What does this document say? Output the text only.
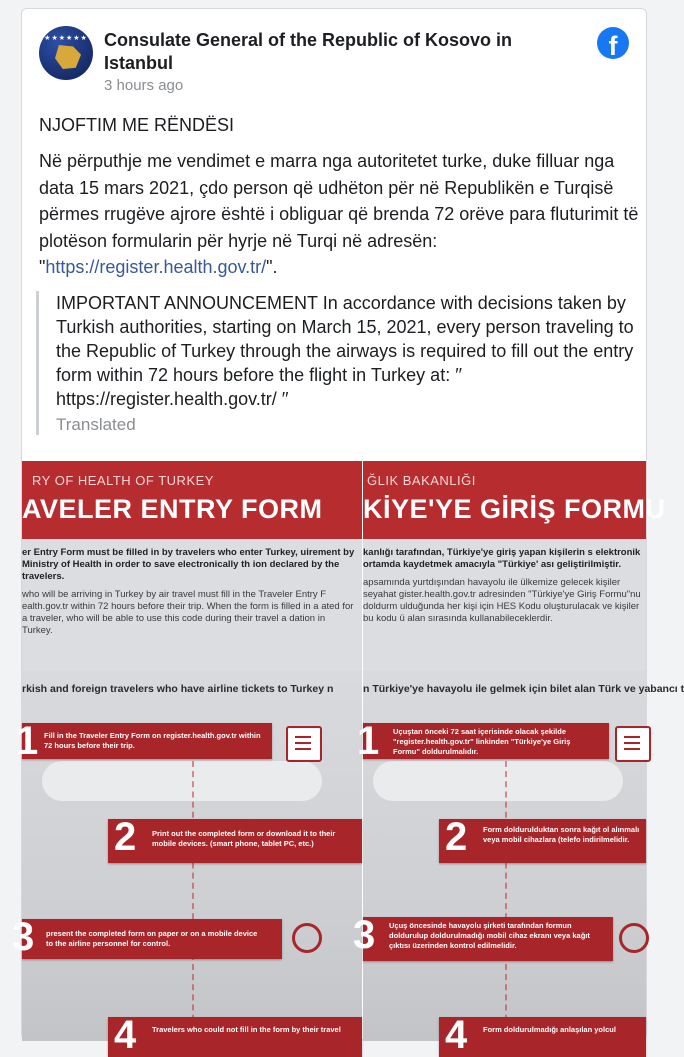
★★★★★★ Consulate General of the Republic of Kosovo in Istanbul
3 hours ago
f
NJOFTIM ME RËNDËSI
Në përputhje me vendimet e marra nga autoritetet turke, duke filluar nga data 15 mars 2021, çdo person që udhëton për në Republikën e Turqisë përmes rrugëve ajrore është i obliguar që brenda 72 orëve para fluturimit të plotëson formularin për hyrje në Turqi në adresën: "https://register.health.gov.tr/".
IMPORTANT ANNOUNCEMENT In accordance with decisions taken by Turkish authorities, starting on March 15, 2021, every person traveling to the Republic of Turkey through the airways is required to fill out the entry form within 72 hours before the flight in Turkey at: ′′ https://register.health.gov.tr/ ′′
Translated
RY OF HEALTH OF TURKEY
AVELER ENTRY FORM
er Entry Form must be filled in by travelers who enter Turkey, uirement by Ministry of Health in order to save electronically th ion declared by the travelers.
who will be arriving in Turkey by air travel must fill in the Traveler Entry F ealth.gov.tr within 72 hours before their trip. When the form is filled in a ated for a traveler, who will be able to use this code during their travel a dation in Turkey.
rkish and foreign travelers who have airline tickets to Turkey n
1 Fill in the Traveler Entry Form on register.health.gov.tr within 72 hours before their trip.
2 Print out the completed form or download it to their mobile devices. (smart phone, tablet PC, etc.)
3 present the completed form on paper or on a mobile device to the airline personnel for control.
4 Travelers who could not fill in the form by their travel
ĞLIK BAKANLIĞI
KİYE'YE GİRİŞ FORMU
kanlığı tarafından, Türkiye'ye giriş yapan kişilerin s elektronik ortamda kaydetmek amacıyla "Türkiye' ası geliştirilmiştir.
apsamında yurtdışından havayolu ile ülkemize gelecek kişiler seyahat gister.health.gov.tr adresinden "Türkiye'ye Giriş Formu"nu doldurm ulduğunda her kişi için HES Kodu oluşturulacak ve kişiler bu kodu ü alan sırasında kullanabileceklerdir.
n Türkiye'ye havayolu ile gelmek için bilet alan Türk ve yabancı t
1 Uçuştan önceki 72 saat içerisinde olacak şekilde "register.health.gov.tr" linkinden "Türkiye'ye Giriş Formu" doldurulmalıdır.
2 Form doldurulduktan sonra kağıt ol alınmalı veya mobil cihazlara (telefo indirilmelidir.
3 Uçuş öncesinde havayolu şirketi tarafından formun doldurulup doldurulmadığı mobil cihaz ekranı veya kağıt çıktısı üzerinden kontrol edilmelidir.
4 Form doldurulmadığı anlaşılan yolcul
